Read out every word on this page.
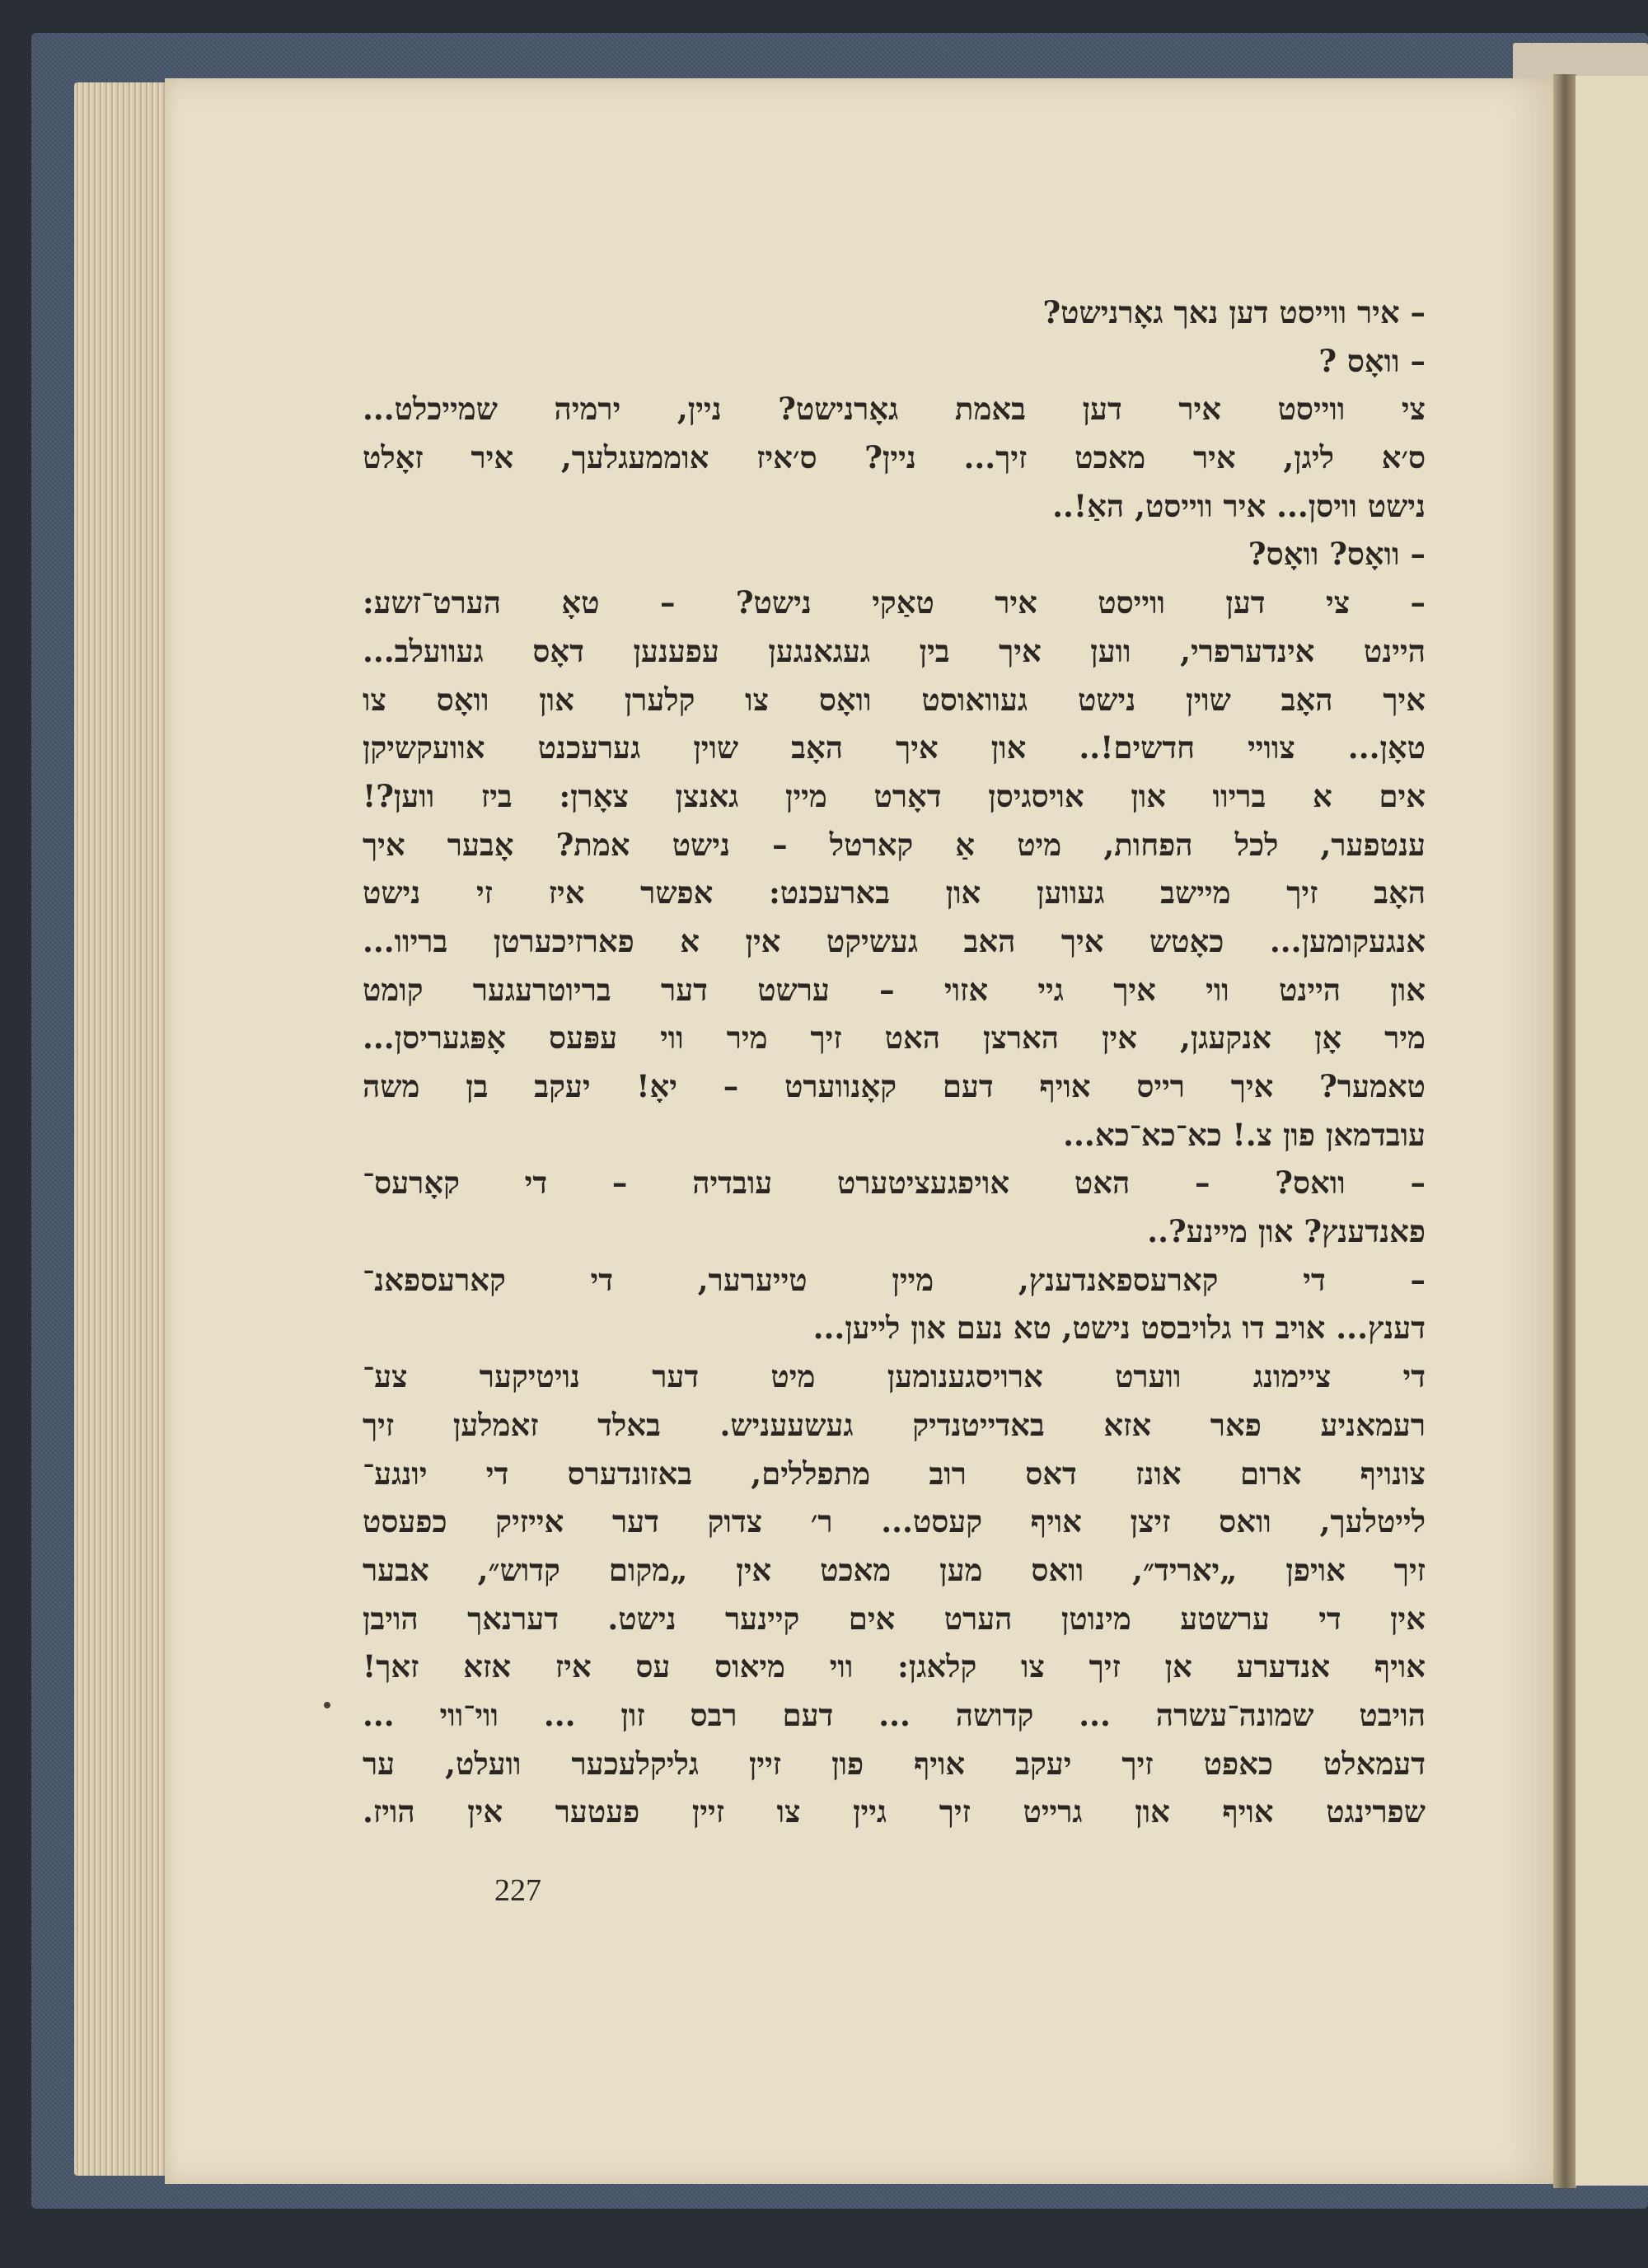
– איר ווייסט דען נאך גאָרנישט?
– וואָס ?
צי ווייסט איר דען באמת גאָרנישט? ניין, ירמיה שמייכלט...
ס׳א ליגן, איר מאכט זיך... ניין? ס׳איז אוממעגלעך, איר זאָלט
נישט וויסן... איר ווייסט, האַ!..
– וואָס? וואָס?
– צי דען ווייסט איר טאַקי נישט? – טאָ הערט־זשע:
היינט אינדערפרי, ווען איך בין געגאנגען עפענען דאָס געוועלב...
איך האָב שוין נישט געוואוסט וואָס צו קלערן און וואָס צו
טאָן... צוויי חדשים!.. און איך האָב שוין גערעכנט אוועקשיקן
אים א בריוו און אויסגיסן דאָרט מיין גאנצן צאָרן: ביז ווען?!
ענטפער, לכל הפחות, מיט אַ קארטל – נישט אמת? אָבער איך
האָב זיך מיישב געווען און בארעכנט: אפשר איז זי נישט
אנגעקומען... כאָטש איך האב געשיקט אין א פארזיכערטן בריוו...
און היינט ווי איך גיי אזוי – ערשט דער בריוטרעגער קומט
מיר אָן אנקעגן, אין הארצן האט זיך מיר ווי עפּעס אָפּגעריסן...
טאמער? איך רייס אויף דעם קאָנווערט – יאָ! יעקב בן משה
עובדמאן פון צ.! כא־כא־כא...
– וואס? – האט אויפגעציטערט עובדיה – די קאָרעס־
פאנדענץ? און מיינע?..
– די קארעספאנדענץ, מיין טייערער, די קארעספאנ־
דענץ... אויב דו גלויבסט נישט, טא נעם און לייען...
די ציימונג ווערט ארויסגענומען מיט דער נויטיקער צע־
רעמאניע פאר אזא באדייטנדיק געשעעניש. באלד זאמלען זיך
צונויף ארום אונז דאס רוב מתפללים, באזונדערס די יונגע־
לייטלעך, וואס זיצן אויף קעסט... ר׳ צדוק דער אייזיק כפעסט
זיך אויפן „יאריד״, וואס מען מאכט אין „מקום קדוש״, אבער
אין די ערשטע מינוטן הערט אים קיינער נישט. דערנאך הויבן
אויף אנדערע אן זיך צו קלאגן: ווי מיאוס עס איז אזא זאך!
הויבט שמונה־עשרה ... קדושה ... דעם רבס זון ... ווי־ווי ...
דעמאלט כאפט זיך יעקב אויף פון זיין גליקלעכער וועלט, ער
שפרינגט אויף און גרייט זיך גיין צו זיין פעטער אין הויז.
227
